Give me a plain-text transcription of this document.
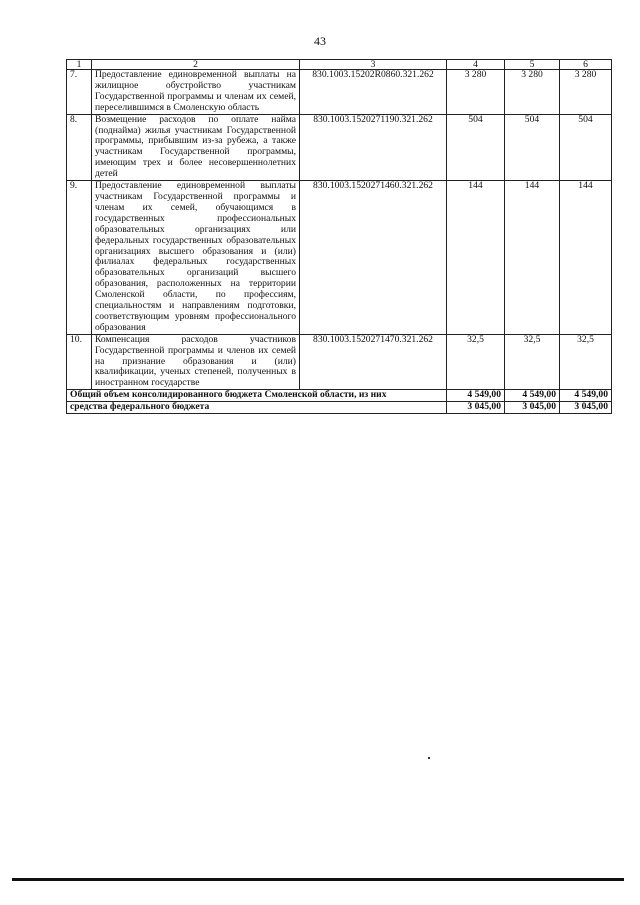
43
1	2	3	4	5	6
7.	Предоставление единовременной выплаты на жилищное обустройство участникам Государственной программы и членам их семей, переселившимся в Смоленскую область	830.1003.15202R0860.321.262	3 280	3 280	3 280
8.	Возмещение расходов по оплате найма (поднайма) жилья участникам Государственной программы, прибывшим из-за рубежа, а также участникам Государственной программы, имеющим трех и более несовершеннолетних детей	830.1003.1520271190.321.262	504	504	504
9.	Предоставление единовременной выплаты участникам Государственной программы и членам их семей, обучающимся в государственных профессиональных образовательных организациях или федеральных государственных образовательных организациях высшего образования и (или) филиалах федеральных государственных образовательных организаций высшего образования, расположенных на территории Смоленской области, по профессиям, специальностям и направлениям подготовки, соответствующим уровням профессионального образования	830.1003.1520271460.321.262	144	144	144
10.	Компенсация расходов участников Государственной программы и членов их семей на признание образования и (или) квалификации, ученых степеней, полученных в иностранном государстве	830.1003.1520271470.321.262	32,5	32,5	32,5
Общий объем консолидированного бюджета Смоленской области, из них			4 549,00	4 549,00	4 549,00
средства федерального бюджета			3 045,00	3 045,00	3 045,00
